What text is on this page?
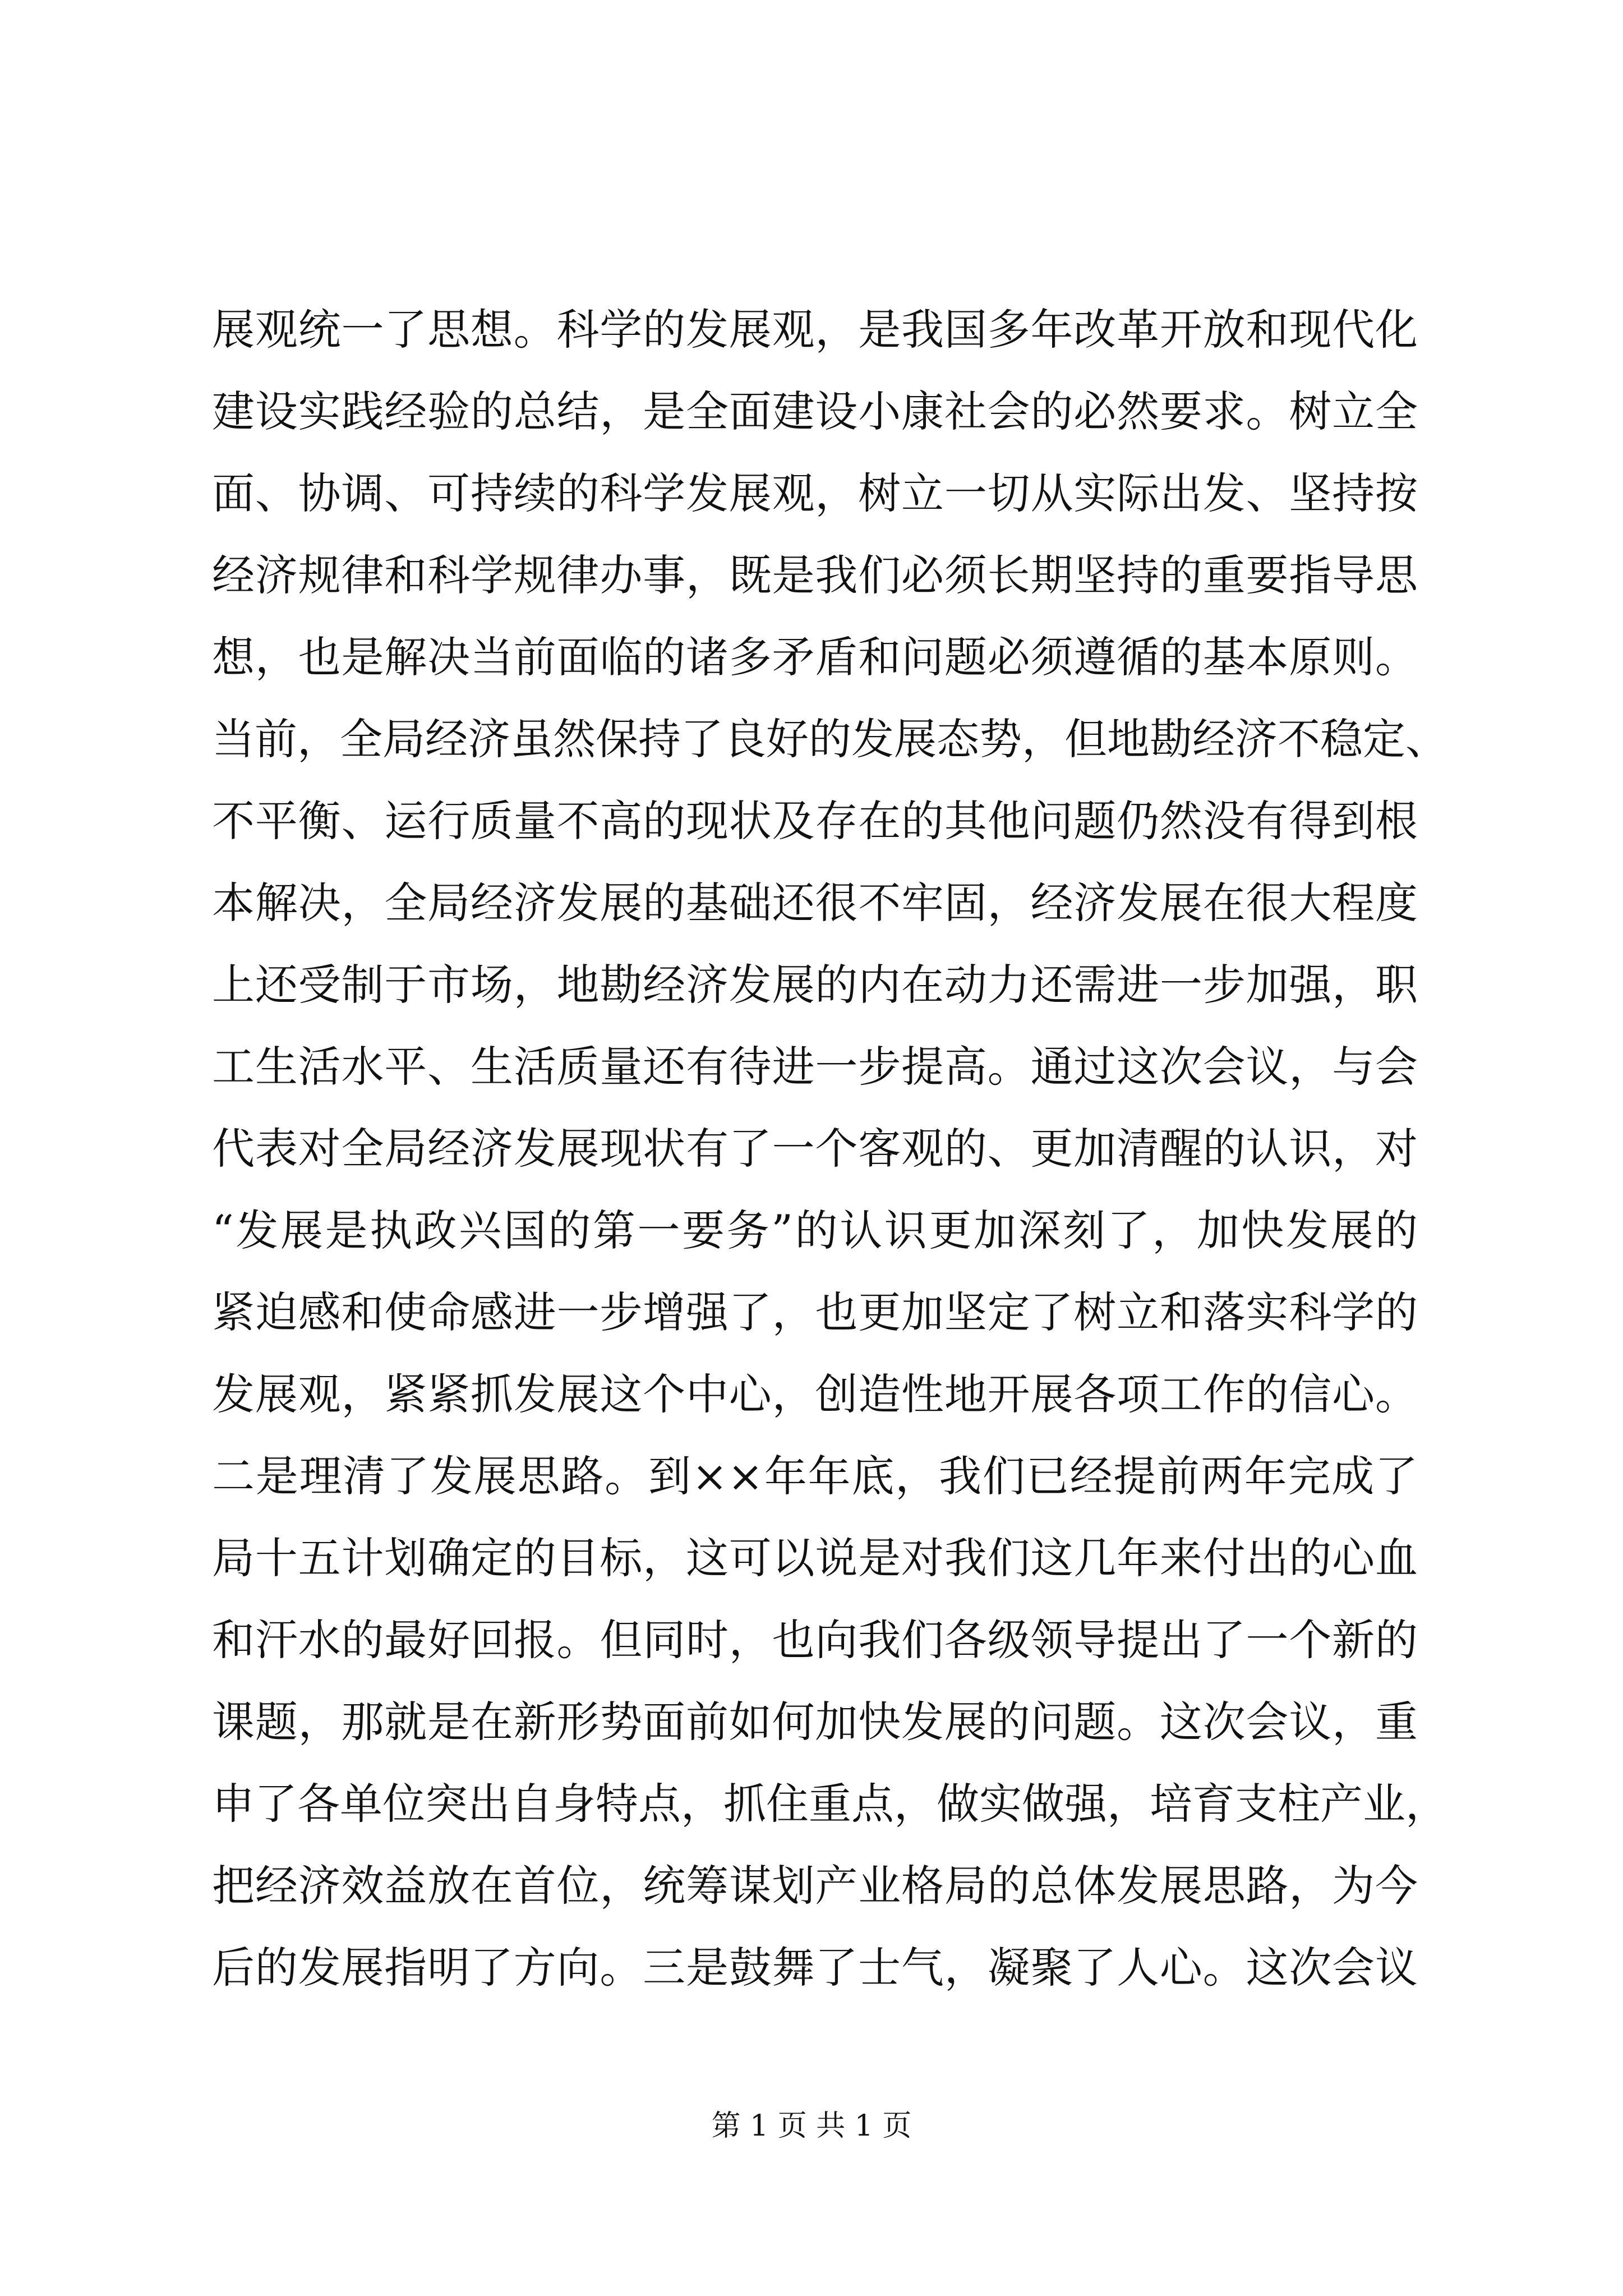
展观统一了思想。科学的发展观，是我国多年改革开放和现代化
建设实践经验的总结，是全面建设小康社会的必然要求。树立全
面、协调、可持续的科学发展观，树立一切从实际出发、坚持按
经济规律和科学规律办事，既是我们必须长期坚持的重要指导思
想，也是解决当前面临的诸多矛盾和问题必须遵循的基本原则。
当前，全局经济虽然保持了良好的发展态势，但地勘经济不稳定、
不平衡、运行质量不高的现状及存在的其他问题仍然没有得到根
本解决，全局经济发展的基础还很不牢固，经济发展在很大程度
上还受制于市场，地勘经济发展的内在动力还需进一步加强，职
工生活水平、生活质量还有待进一步提高。通过这次会议，与会
代表对全局经济发展现状有了一个客观的、更加清醒的认识，对
“发展是执政兴国的第一要务”的认识更加深刻了，加快发展的
紧迫感和使命感进一步增强了，也更加坚定了树立和落实科学的
发展观，紧紧抓发展这个中心，创造性地开展各项工作的信心。
二是理清了发展思路。到××年年底，我们已经提前两年完成了
局十五计划确定的目标，这可以说是对我们这几年来付出的心血
和汗水的最好回报。但同时，也向我们各级领导提出了一个新的
课题，那就是在新形势面前如何加快发展的问题。这次会议，重
申了各单位突出自身特点，抓住重点，做实做强，培育支柱产业，
把经济效益放在首位，统筹谋划产业格局的总体发展思路，为今
后的发展指明了方向。三是鼓舞了士气，凝聚了人心。这次会议
第 1 页 共 1 页
